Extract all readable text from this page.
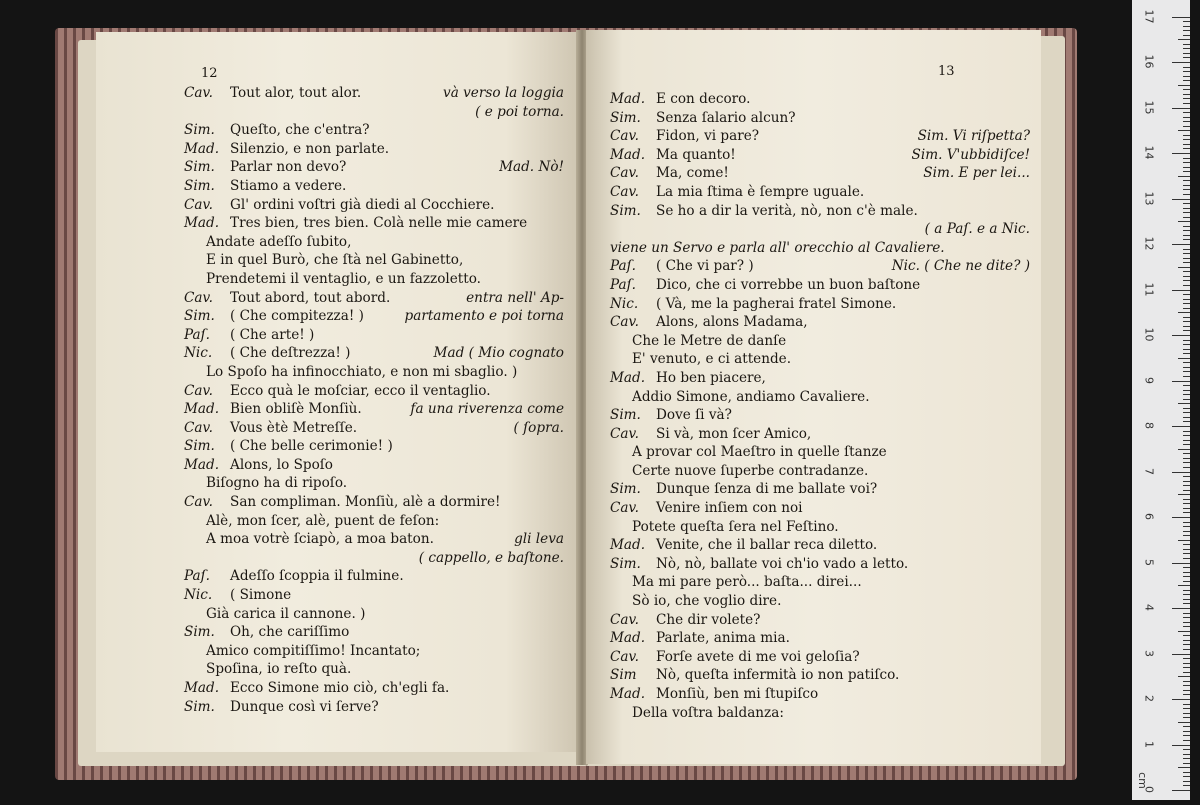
12
Cav. Tout alor, tout alor.	và verso la loggia
( e poi torna.
Sim. Queſto, che c'entra?
Mad. Silenzio, e non parlate.
Sim. Parlar non devo?	Mad. Nò!
Sim. Stiamo a vedere.
Cav. Gl' ordini voſtri già diedi al Cocchiere.
Mad. Tres bien, tres bien. Colà nelle mie camere
Andate adeſſo ſubito,
E in quel Burò, che ſtà nel Gabinetto,
Prendetemi il ventaglio, e un fazzoletto.
Cav. Tout abord, tout abord.	entra nell' Ap-
Sim. ( Che compitezza! )	partamento e poi torna
Paſ. ( Che arte! )
Nic. ( Che deſtrezza! )	Mad ( Mio cognato
Lo Spoſo ha infinocchiato, e non mi sbaglio. )
Cav. Ecco quà le moſciar, ecco il ventaglio.
Mad. Bien obliſè Monſiù.	fa una riverenza come
Cav. Vous ètè Metreſſe.	( ſopra.
Sim. ( Che belle cerimonie! )
Mad. Alons, lo Spoſo
Biſogno ha di ripoſo.
Cav. San compliman. Monſiù, alè a dormire!
Alè, mon ſcer, alè, puent de feſon:
A moa votrè ſciapò, a moa baton.	gli leva
( cappello, e baſtone.
Paſ. Adeſſo ſcoppia il fulmine.
Nic. ( Simone
Già carica il cannone. )
Sim. Oh, che cariſſimo
Amico compitiſſimo! Incantato;
Spoſina, io reſto quà.
Mad. Ecco Simone mio ciò, ch'egli fa.
Sim. Dunque così vi ſerve?
13
Mad. E con decoro.
Sim. Senza ſalario alcun?
Cav. Fidon, vi pare?	Sim. Vi riſpetta?
Mad. Ma quanto!	Sim. V'ubbidiſce!
Cav. Ma, come!	Sim. E per lei...
Cav. La mia ſtima è ſempre uguale.
Sim. Se ho a dir la verità, nò, non c'è male.
( a Paſ. e a Nic.
viene un Servo e parla all' orecchio al Cavaliere.
Paſ. ( Che vi par? )	Nic. ( Che ne dite? )
Paſ. Dico, che ci vorrebbe un buon baſtone
Nic. ( Và, me la pagherai fratel Simone.
Cav. Alons, alons Madama,
Che le Metre de danſe
E' venuto, e ci attende.
Mad. Ho ben piacere,
Addio Simone, andiamo Cavaliere.
Sim. Dove ſi và?
Cav. Si và, mon ſcer Amico,
A provar col Maeſtro in quelle ſtanze
Certe nuove ſuperbe contradanze.
Sim. Dunque ſenza di me ballate voi?
Cav. Venire inſiem con noi
Potete queſta ſera nel Feſtino.
Mad. Venite, che il ballar reca diletto.
Sim. Nò, nò, ballate voi ch'io vado a letto.
Ma mi pare però... baſta... direi...
Sò io, che voglio dire.
Cav. Che dir volete?
Mad. Parlate, anima mia.
Cav. Forſe avete di me voi geloſia?
Sim Nò, queſta infermità io non patiſco.
Mad. Monſiù, ben mi ſtupiſco
Della voſtra baldanza:
0
1
2
3
4
5
6
7
8
9
10
11
12
13
14
15
16
17
cm
